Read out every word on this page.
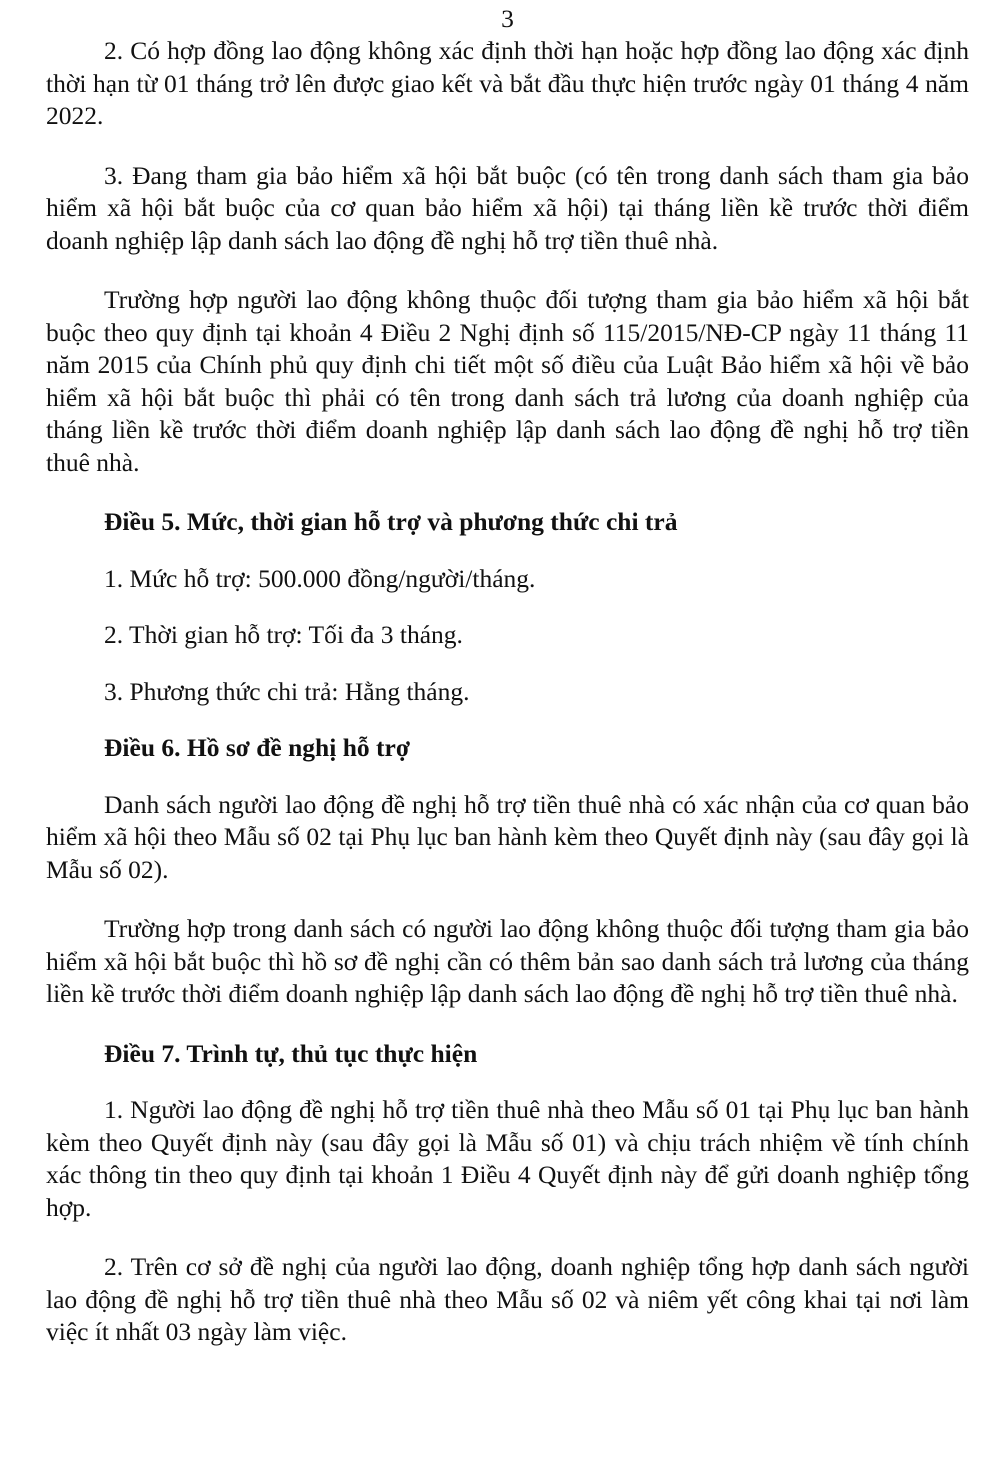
3

2. Có hợp đồng lao động không xác định thời hạn hoặc hợp đồng lao động xác định thời hạn từ 01 tháng trở lên được giao kết và bắt đầu thực hiện trước ngày 01 tháng 4 năm 2022.

3. Đang tham gia bảo hiểm xã hội bắt buộc (có tên trong danh sách tham gia bảo hiểm xã hội bắt buộc của cơ quan bảo hiểm xã hội) tại tháng liền kề trước thời điểm doanh nghiệp lập danh sách lao động đề nghị hỗ trợ tiền thuê nhà.

Trường hợp người lao động không thuộc đối tượng tham gia bảo hiểm xã hội bắt buộc theo quy định tại khoản 4 Điều 2 Nghị định số 115/2015/NĐ-CP ngày 11 tháng 11 năm 2015 của Chính phủ quy định chi tiết một số điều của Luật Bảo hiểm xã hội về bảo hiểm xã hội bắt buộc thì phải có tên trong danh sách trả lương của doanh nghiệp của tháng liền kề trước thời điểm doanh nghiệp lập danh sách lao động đề nghị hỗ trợ tiền thuê nhà.

Điều 5. Mức, thời gian hỗ trợ và phương thức chi trả

1. Mức hỗ trợ: 500.000 đồng/người/tháng.

2. Thời gian hỗ trợ: Tối đa 3 tháng.

3. Phương thức chi trả: Hằng tháng.

Điều 6. Hồ sơ đề nghị hỗ trợ

Danh sách người lao động đề nghị hỗ trợ tiền thuê nhà có xác nhận của cơ quan bảo hiểm xã hội theo Mẫu số 02 tại Phụ lục ban hành kèm theo Quyết định này (sau đây gọi là Mẫu số 02).

Trường hợp trong danh sách có người lao động không thuộc đối tượng tham gia bảo hiểm xã hội bắt buộc thì hồ sơ đề nghị cần có thêm bản sao danh sách trả lương của tháng liền kề trước thời điểm doanh nghiệp lập danh sách lao động đề nghị hỗ trợ tiền thuê nhà.

Điều 7. Trình tự, thủ tục thực hiện

1. Người lao động đề nghị hỗ trợ tiền thuê nhà theo Mẫu số 01 tại Phụ lục ban hành kèm theo Quyết định này (sau đây gọi là Mẫu số 01) và chịu trách nhiệm về tính chính xác thông tin theo quy định tại khoản 1 Điều 4 Quyết định này để gửi doanh nghiệp tổng hợp.

2. Trên cơ sở đề nghị của người lao động, doanh nghiệp tổng hợp danh sách người lao động đề nghị hỗ trợ tiền thuê nhà theo Mẫu số 02 và niêm yết công khai tại nơi làm việc ít nhất 03 ngày làm việc.
